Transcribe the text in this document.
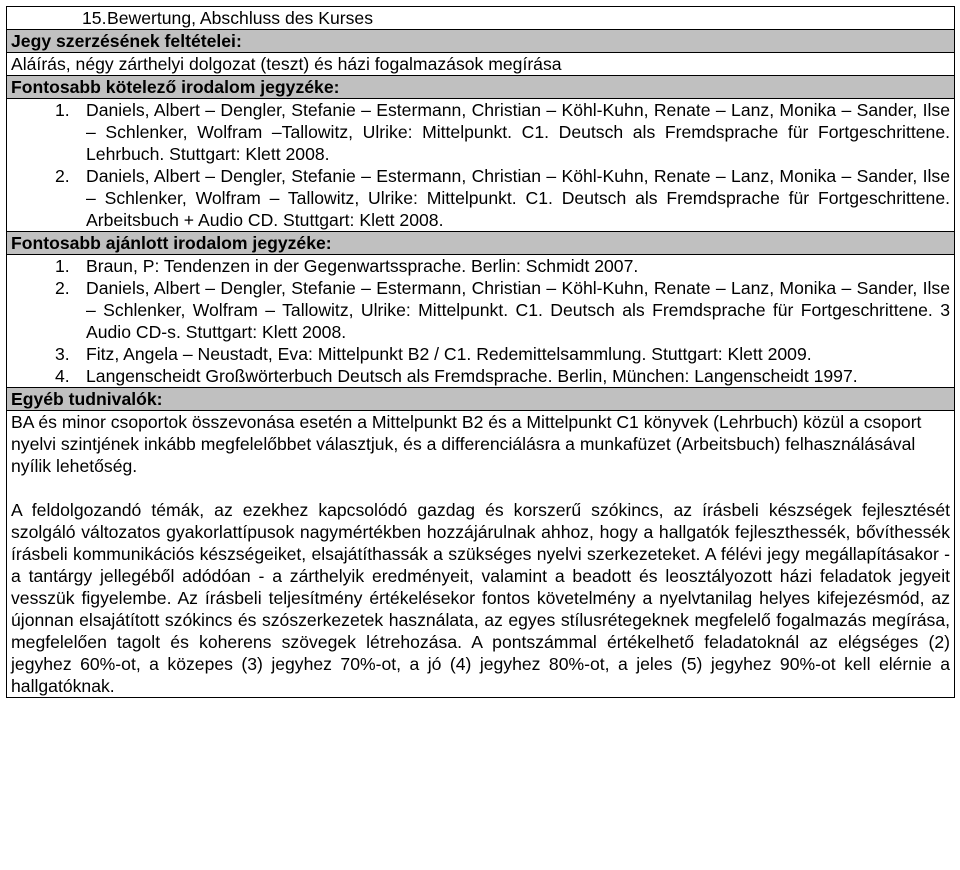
15.Bewertung, Abschluss des Kurses
Jegy szerzésének feltételei:
Aláírás, négy zárthelyi dolgozat (teszt) és házi fogalmazások megírása
Fontosabb kötelező irodalom jegyzéke:
1. Daniels, Albert – Dengler, Stefanie – Estermann, Christian – Köhl-Kuhn, Renate – Lanz, Monika – Sander, Ilse – Schlenker, Wolfram –Tallowitz, Ulrike: Mittelpunkt. C1. Deutsch als Fremdsprache für Fortgeschrittene. Lehrbuch. Stuttgart: Klett 2008.
2. Daniels, Albert – Dengler, Stefanie – Estermann, Christian – Köhl-Kuhn, Renate – Lanz, Monika – Sander, Ilse – Schlenker, Wolfram – Tallowitz, Ulrike: Mittelpunkt. C1. Deutsch als Fremdsprache für Fortgeschrittene. Arbeitsbuch + Audio CD. Stuttgart: Klett 2008.
Fontosabb ajánlott irodalom jegyzéke:
1. Braun, P: Tendenzen in der Gegenwartssprache. Berlin: Schmidt 2007.
2. Daniels, Albert – Dengler, Stefanie – Estermann, Christian – Köhl-Kuhn, Renate – Lanz, Monika – Sander, Ilse – Schlenker, Wolfram – Tallowitz, Ulrike: Mittelpunkt. C1. Deutsch als Fremdsprache für Fortgeschrittene. 3 Audio CD-s. Stuttgart: Klett 2008.
3. Fitz, Angela – Neustadt, Eva: Mittelpunkt B2 / C1. Redemittelsammlung. Stuttgart: Klett 2009.
4. Langenscheidt Großwörterbuch Deutsch als Fremdsprache. Berlin, München: Langenscheidt 1997.
Egyéb tudnivalók:
BA és minor csoportok összevonása esetén a Mittelpunkt B2 és a Mittelpunkt C1 könyvek (Lehrbuch) közül a csoport nyelvi szintjének inkább megfelelőbbet választjuk, és a differenciálásra a munkafüzet (Arbeitsbuch) felhasználásával nyílik lehetőség.
A feldolgozandó témák, az ezekhez kapcsolódó gazdag és korszerű szókincs, az írásbeli készségek fejlesztését szolgáló változatos gyakorlattípusok nagymértékben hozzájárulnak ahhoz, hogy a hallgatók fejleszthessék, bővíthessék írásbeli kommunikációs készségeiket, elsajátíthassák a szükséges nyelvi szerkezeteket. A félévi jegy megállapításakor - a tantárgy jellegéből adódóan - a zárthelyik eredményeit, valamint a beadott és leosztályozott házi feladatok jegyeit vesszük figyelembe. Az írásbeli teljesítmény értékelésekor fontos követelmény a nyelvtanilag helyes kifejezésmód, az újonnan elsajátított szókincs és szószerkezetek használata, az egyes stílusrétegeknek megfelelő fogalmazás megírása, megfelelően tagolt és koherens szövegek létrehozása. A pontszámmal értékelhető feladatoknál az elégséges (2) jegyhez 60%-ot, a közepes (3) jegyhez 70%-ot, a jó (4) jegyhez 80%-ot, a jeles (5) jegyhez 90%-ot kell elérnie a hallgatóknak.
